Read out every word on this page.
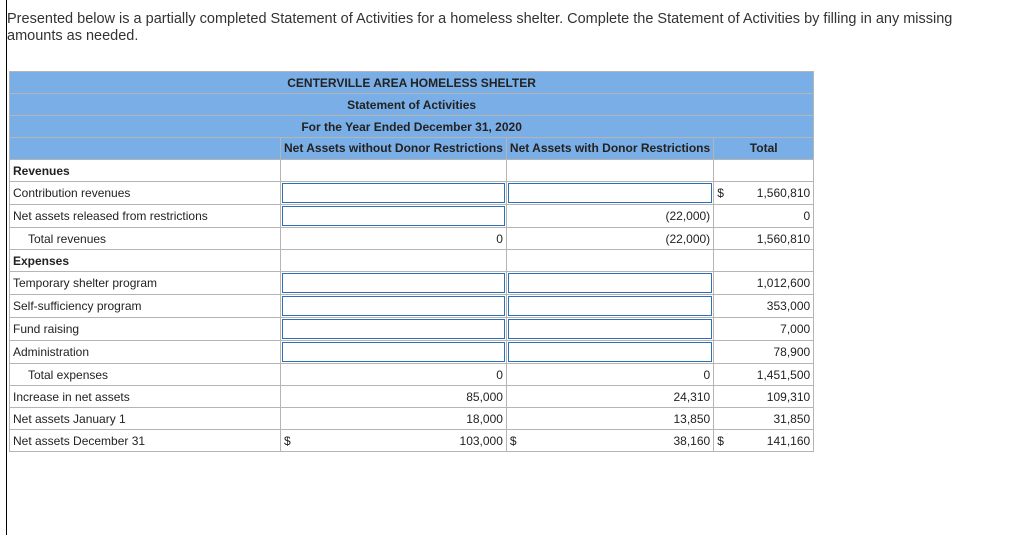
Presented below is a partially completed Statement of Activities for a homeless shelter. Complete the Statement of Activities by filling in any missing amounts as needed.
CENTERVILLE AREA HOMELESS SHELTER			
Statement of Activities			
For the Year Ended December 31, 2020			
	Net Assets without Donor Restrictions	Net Assets with Donor Restrictions	Total
Revenues			
Contribution revenues			$ 1,560,810

Net assets released from restrictions		(22,000)	0
Total revenues	0	(22,000)	1,560,810
Expenses			
Temporary shelter program			1,012,600
Self-sufficiency program			353,000
Fund raising			7,000
Administration			78,900
Total expenses	0	0	1,451,500
Increase in net assets	85,000	24,310	109,310
Net assets January 1	18,000	13,850	31,850
Net assets December 31	$ 103,000	$ 38,160	$ 141,160
